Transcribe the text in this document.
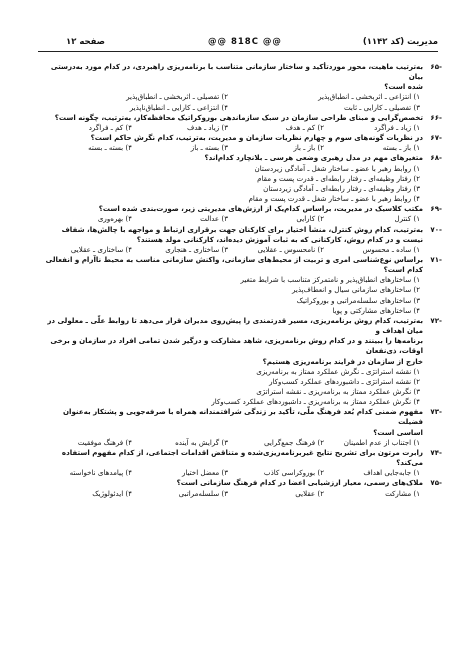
مدیریت (کد ۱۱۴۲)
@@ 818C @@
صفحه ۱۲
-۶۵
به‌ترتیب ماهیت، محور موردتأکید و ساختار سازمانی متناسب با برنامه‌ریزی راهبردی، در کدام مورد به‌درستی بیان
شده است؟
۱) انتزاعی ـ اثربخشی ـ انطباق‌پذیر
۲) تفصیلی ـ اثربخشی ـ انطباق‌پذیر
۳) تفصیلی ـ کارایی ـ ثابت
۴) انتزاعی ـ کارایی ـ انطباق‌ناپذیر
-۶۶
تخصص‌گرایی و مبنای طراحی سازمان در سبک سازماندهی بوروکراتیک محافظه‌کار، به‌ترتیب، چگونه است؟
۱) زیاد ـ فراگرد
۲) کم ـ هدف
۳) زیاد ـ هدف
۴) کم ـ فراگرد
-۶۷
در نظریات گونه‌های سوم و چهارم نظریات سازمان و مدیریت، به‌ترتیب، کدام نگرش حاکم است؟
۱) باز ـ بسته
۲) باز ـ باز
۳) بسته ـ باز
۴) بسته ـ بسته
-۶۸
متغیرهای مهم در مدل رهبری وضعی هرسی ـ بلانچارد کدام‌اند؟
۱) روابط رهبر با عضو ـ ساختار شغل ـ آمادگی زیردستان
۲) رفتار وظیفه‌ای ـ رفتار رابطه‌ای ـ قدرت پست و مقام
۳) رفتار وظیفه‌ای ـ رفتار رابطه‌ای ـ آمادگی زیردستان
۴) روابط رهبر با عضو ـ ساختار شغل ـ قدرت پست و مقام
-۶۹
مکتب کلاسیک در مدیریت، براساس کدام‌یک از ارزش‌های مدیریتی زیر، صورت‌بندی شده است؟
۱) کنترل
۲) کارایی
۳) عدالت
۴) بهره‌وری
-۷۰
به‌ترتیب، کدام روش کنترل، منشأ اختیار برای کارکنان جهت برقراری ارتباط و مواجهه با چالش‌ها، شفاف
نیست و در کدام روش، کارکنانی که به ثبات آموزش دیده‌اند، کارکنانی مولد هستند؟
۱) ساده ـ محسوس
۲) نامحسوس ـ عقلایی
۳) ساختاری ـ هنجاری
۴) ساختاری ـ عقلایی
-۷۱
براساس نوع‌شناسی امری و تربیت از محیط‌های سازمانی، واکنش سازمانی مناسب به محیط ناآرام و انفعالی کدام است؟
۱) ساختارهای انطباق‌پذیر و نامتمرکز متناسب با شرایط متغیر
۲) ساختارهای سازمانی سیال و انعطاف‌پذیر
۳) ساختارهای سلسله‌مراتبی و بوروکراتیک
۴) ساختارهای مشارکتی و پویا
-۷۲
به‌ترتیب، کدام روش برنامه‌ریزی، مسیر قدرتمندی را پیش‌روی مدیران قرار می‌دهد تا روابط علّی ـ معلولی در میان اهداف و
برنامه‌ها را ببینند و در کدام روش برنامه‌ریزی، شاهد مشارکت و درگیر شدن تمامی افراد در سازمان و برخی اوقات، ذی‌نفعان
خارج از سازمان در فرایند برنامه‌ریزی هستیم؟
۱) نقشه استراتژی ـ نگرش عملکرد ممتاز به برنامه‌ریزی
۲) نقشه استراتژی ـ داشبوردهای عملکرد کسب‌وکار
۳) نگرش عملکرد ممتاز به برنامه‌ریزی ـ نقشه استراتژی
۴) نگرش عملکرد ممتاز به برنامه‌ریزی ـ داشبوردهای عملکرد کسب‌وکار
-۷۳
مفهوم ضمنی کدام بُعد فرهنگ ملّی، تأکید بر زندگی شرافتمندانه همراه با صرفه‌جویی و پشتکار به‌عنوان فضیلت
اساسی است؟
۱) اجتناب از عدم اطمینان
۲) فرهنگ جمع‌گرایی
۳) گرایش به آینده
۴) فرهنگ موفقیت
-۷۴
رابرت مرتون برای تشریح نتایج غیربرنامه‌ریزی‌شده و متناقض اقدامات اجتماعی، از کدام مفهوم استفاده می‌کند؟
۱) جابه‌جایی اهداف
۲) بوروکراسی کاذب
۳) معضل اختیار
۴) پیامدهای ناخواسته
-۷۵
ملاک‌های رسمی، معیار ارزشیابی اعضا در کدام فرهنگ سازمانی است؟
۱) مشارکت
۲) عقلایی
۳) سلسله‌مراتبی
۴) ایدئولوژیک
